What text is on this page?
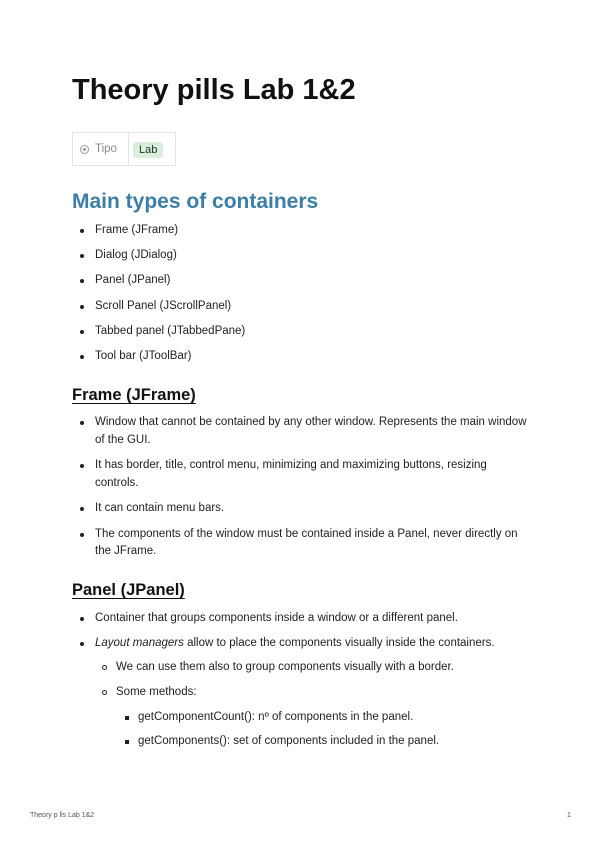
Theory pills Lab 1&2
Tipo	Lab
Main types of containers
Frame (JFrame)
Dialog (JDialog)
Panel (JPanel)
Scroll Panel (JScrollPanel)
Tabbed panel (JTabbedPane)
Tool bar (JToolBar)
Frame (JFrame)
Window that cannot be contained by any other window. Represents the main window of the GUI.
It has border, title, control menu, minimizing and maximizing buttons, resizing controls.
It can contain menu bars.
The components of the window must be contained inside a Panel, never directly on the JFrame.
Panel (JPanel)
Container that groups components inside a window or a different panel.
Layout managers allow to place the components visually inside the containers.
We can use them also to group components visually with a border.
Some methods:
getComponentCount(): nº of components in the panel.
getComponents(): set of components included in the panel.
Theory p lls Lab 1&2	1
